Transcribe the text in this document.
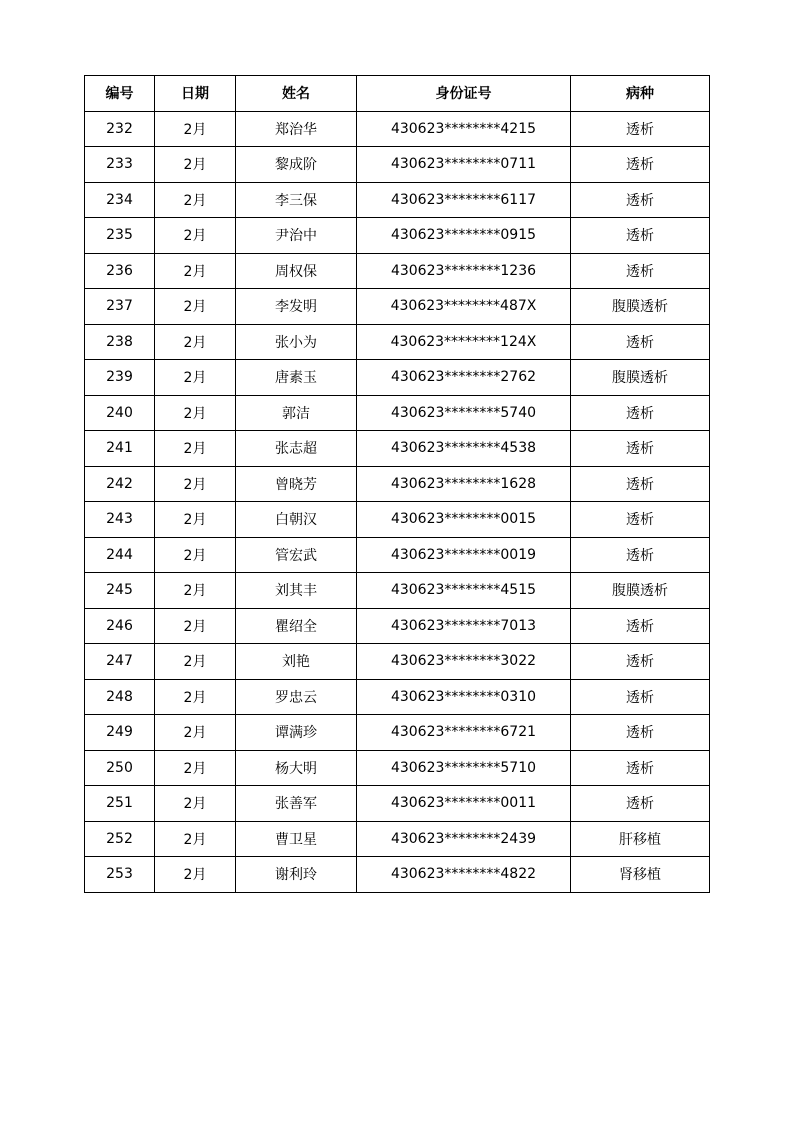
编号	日期	姓名	身份证号	病种
232	2月	郑治华	430623********4215	透析
233	2月	黎成阶	430623********0711	透析
234	2月	李三保	430623********6117	透析
235	2月	尹治中	430623********0915	透析
236	2月	周权保	430623********1236	透析
237	2月	李发明	430623********487X	腹膜透析
238	2月	张小为	430623********124X	透析
239	2月	唐素玉	430623********2762	腹膜透析
240	2月	郭洁	430623********5740	透析
241	2月	张志超	430623********4538	透析
242	2月	曾晓芳	430623********1628	透析
243	2月	白朝汉	430623********0015	透析
244	2月	管宏武	430623********0019	透析
245	2月	刘其丰	430623********4515	腹膜透析
246	2月	瞿绍全	430623********7013	透析
247	2月	刘艳	430623********3022	透析
248	2月	罗忠云	430623********0310	透析
249	2月	谭满珍	430623********6721	透析
250	2月	杨大明	430623********5710	透析
251	2月	张善军	430623********0011	透析
252	2月	曹卫星	430623********2439	肝移植
253	2月	谢利玲	430623********4822	肾移植
